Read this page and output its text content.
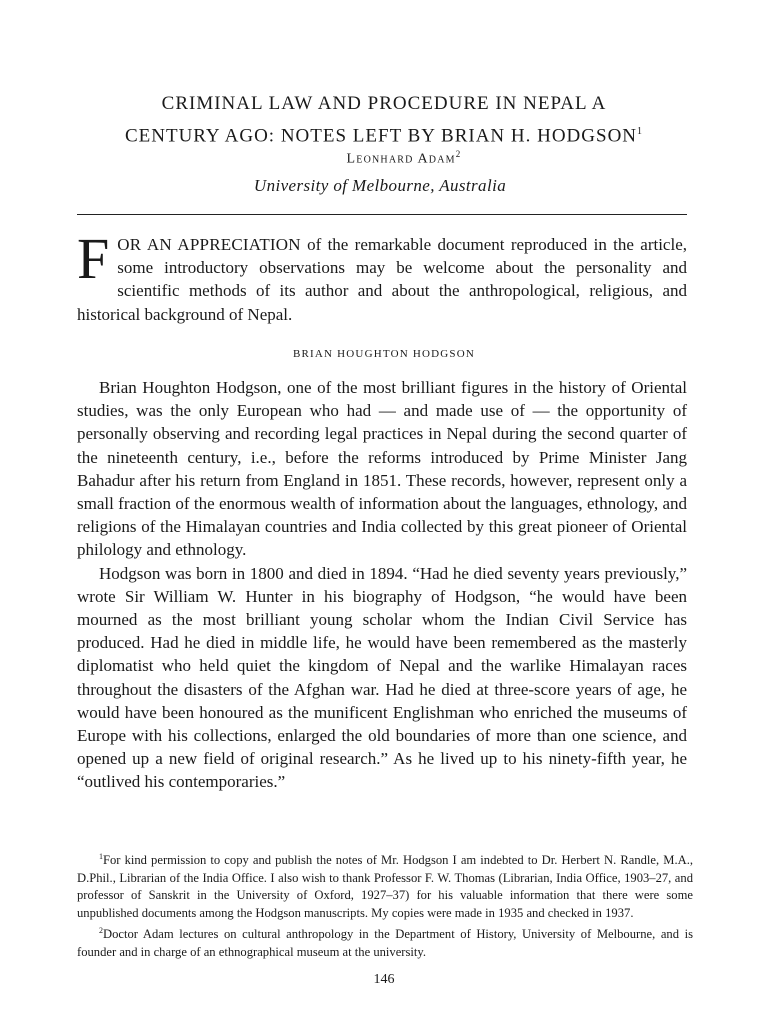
CRIMINAL LAW AND PROCEDURE IN NEPAL A
CENTURY AGO: NOTES LEFT BY BRIAN H. HODGSON$^1$
Leonhard Adam$^2$
University of Melbourne, Australia
FOR AN APPRECIATION of the remarkable document reproduced in the article, some introductory observations may be welcome about the personality and scientific methods of its author and about the anthropological, religious, and historical background of Nepal.
BRIAN HOUGHTON HODGSON

Brian Houghton Hodgson, one of the most brilliant figures in the history of Oriental studies, was the only European who had — and made use of — the opportunity of personally observing and recording legal practices in Nepal during the second quarter of the nineteenth century, i.e., before the reforms introduced by Prime Minister Jang Bahadur after his return from England in 1851. These records, however, represent only a small fraction of the enormous wealth of information about the languages, ethnology, and religions of the Himalayan countries and India collected by this great pioneer of Oriental philology and ethnology.

Hodgson was born in 1800 and died in 1894. “Had he died seventy years previously,” wrote Sir William W. Hunter in his biography of Hodgson, “he would have been mourned as the most brilliant young scholar whom the Indian Civil Service has produced. Had he died in middle life, he would have been remembered as the masterly diplomatist who held quiet the kingdom of Nepal and the warlike Himalayan races throughout the disasters of the Afghan war. Had he died at three-score years of age, he would have been honoured as the munificent Englishman who enriched the museums of Europe with his collections, enlarged the old boundaries of more than one science, and opened up a new field of original research.” As he lived up to his ninety-fifth year, he “outlived his contemporaries.”

$^1$For kind permission to copy and publish the notes of Mr. Hodgson I am indebted to Dr. Herbert N. Randle, M.A., D.Phil., Librarian of the India Office. I also wish to thank Professor F. W. Thomas (Librarian, India Office, 1903–27, and professor of Sanskrit in the University of Oxford, 1927–37) for his valuable information that there were some unpublished documents among the Hodgson manuscripts. My copies were made in 1935 and checked in 1937.

$^2$Doctor Adam lectures on cultural anthropology in the Department of History, University of Melbourne, and is founder and in charge of an ethnographical museum at the university.

146
